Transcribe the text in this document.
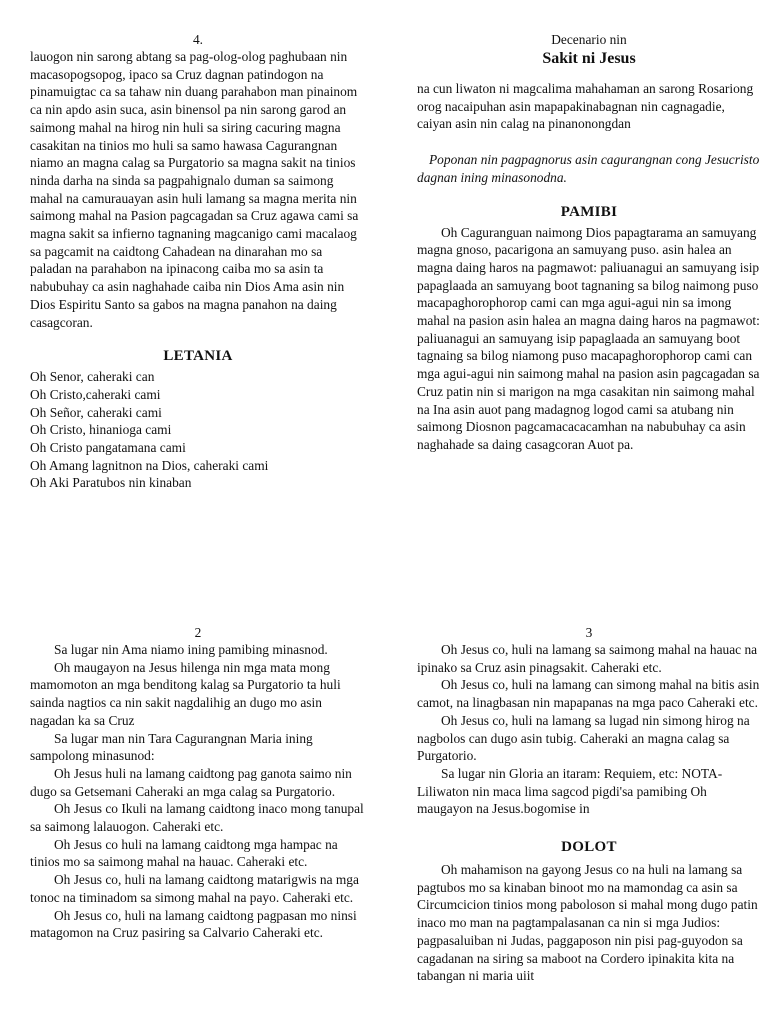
4.

lauogon nin sarong abtang sa pag-olog-olog paghubaan nin macasopogsopog, ipaco sa Cruz dagnan patindogon na pinamuigtac ca sa tahaw nin duang parahabon man pinainom ca nin apdo asin suca, asin binensol pa nin sarong garod an saimong mahal na hirog nin huli sa siring cacuring magna casakitan na tinios mo huli sa samo hawasa Cagurangnan niamo an magna calag sa Purgatorio sa magna sakit na tinios ninda darha na sinda sa pagpahignalo duman sa saimong mahal na camurauayan asin huli lamang sa magna merita nin saimong mahal na Pasion pagcagadan sa Cruz agawa cami sa magna sakit sa infierno tagnaning magcanigo cami macalaog sa pagcamit na caidtong Cahadean na dinarahan mo sa paladan na parahabon na ipinacong caiba mo sa asin ta nabubuhay ca asin naghahade caiba nin Dios Ama asin nin Dios Espiritu Santo sa gabos na magna panahon na daing casagcoran.

LETANIA

Oh Senor, caheraki can
Oh Cristo,caheraki cami
Oh Señor, caheraki cami
Oh Cristo, hinanioga cami
Oh Cristo pangatamana cami
Oh Amang lagnitnon na Dios, caheraki cami
Oh Aki Paratubos nin kinaban

Decenario nin

Sakit ni Jesus

na cun liwaton ni magcalima mahahaman an sarong Rosariong orog nacaipuhan asin mapapakinabagnan nin cagnagadie, caiyan asin nin calag na pinanonongdan

Poponan nin pagpagnorus asin cagurangnan cong Jesucristo dagnan ining minasonodna.

PAMIBI

Oh Caguranguan naimong Dios papagtarama an samuyang magna gnoso, pacarigona an samuyang puso. asin halea an magna daing haros na pagmawot: paliuanagui an samuyang isip papaglaada an samuyang boot tagnaning sa bilog naimong puso macapaghorophorop cami can mga agui-agui nin sa imong mahal na pasion asin halea an magna daing haros na pagmawot: paliuanagui an samuyang isip papaglaada an samuyang boot tagnaing sa bilog niamong puso macapaghorophorop cami can mga agui-agui nin saimong mahal na pasion asin pagcagadan sa Cruz patin nin si marigon na mga casakitan nin saimong mahal na Ina asin auot pang madagnog logod cami sa atubang nin saimong Diosnon pagcamacacacamhan na nabubuhay ca asin naghahade sa daing casagcoran Auot pa.

2

Sa lugar nin Ama niamo ining pamibing minasnod.

Oh maugayon na Jesus hilenga nin mga mata mong mamomoton an mga benditong kalag sa Purgatorio ta huli sainda nagtios ca nin sakit nagdalihig an dugo mo asin nagadan ka sa Cruz

Sa lugar man nin Tara Cagurangnan Maria ining sampolong minasunod:

Oh Jesus huli na lamang caidtong pag ganota saimo nin dugo sa Getsemani Caheraki an mga calag sa Purgatorio.

Oh Jesus co Ikuli na lamang caidtong inaco mong tanupal sa saimong lalauogon. Caheraki etc.

Oh Jesus co huli na lamang caidtong mga hampac na tinios mo sa saimong mahal na hauac. Caheraki etc.

Oh Jesus co, huli na lamang caidtong matarigwis na mga tonoc na timinadom sa simong mahal na payo. Caheraki etc.

Oh Jesus co, huli na lamang caidtong pagpasan mo ninsi matagomon na Cruz pasiring sa Calvario Caheraki etc.

3

Oh Jesus co, huli na lamang sa saimong mahal na hauac na ipinako sa Cruz asin pinagsakit. Caheraki etc.

Oh Jesus co, huli na lamang can simong mahal na bitis asin camot, na linagbasan nin mapapanas na mga paco Caheraki etc.

Oh Jesus co, huli na lamang sa lugad nin simong hirog na nagbolos can dugo asin tubig. Caheraki an magna calag sa Purgatorio.

Sa lugar nin Gloria an itaram: Requiem, etc: NOTA-Liliwaton nin maca lima sagcod pigdi'sa pamibing Oh maugayon na Jesus.bogomise in

DOLOT

Oh mahamison na gayong Jesus co na huli na lamang sa pagtubos mo sa kinaban binoot mo na mamondag ca asin sa Circumcicion tinios mong paboloson si mahal mong dugo patin inaco mo man na pagtampalasanan ca nin si mga Judios: pagpasaluiban ni Judas, paggaposon nin pisi pag-guyodon sa cagadanan na siring sa maboot na Cordero ipinakita kita na tabangan ni maria uiit
